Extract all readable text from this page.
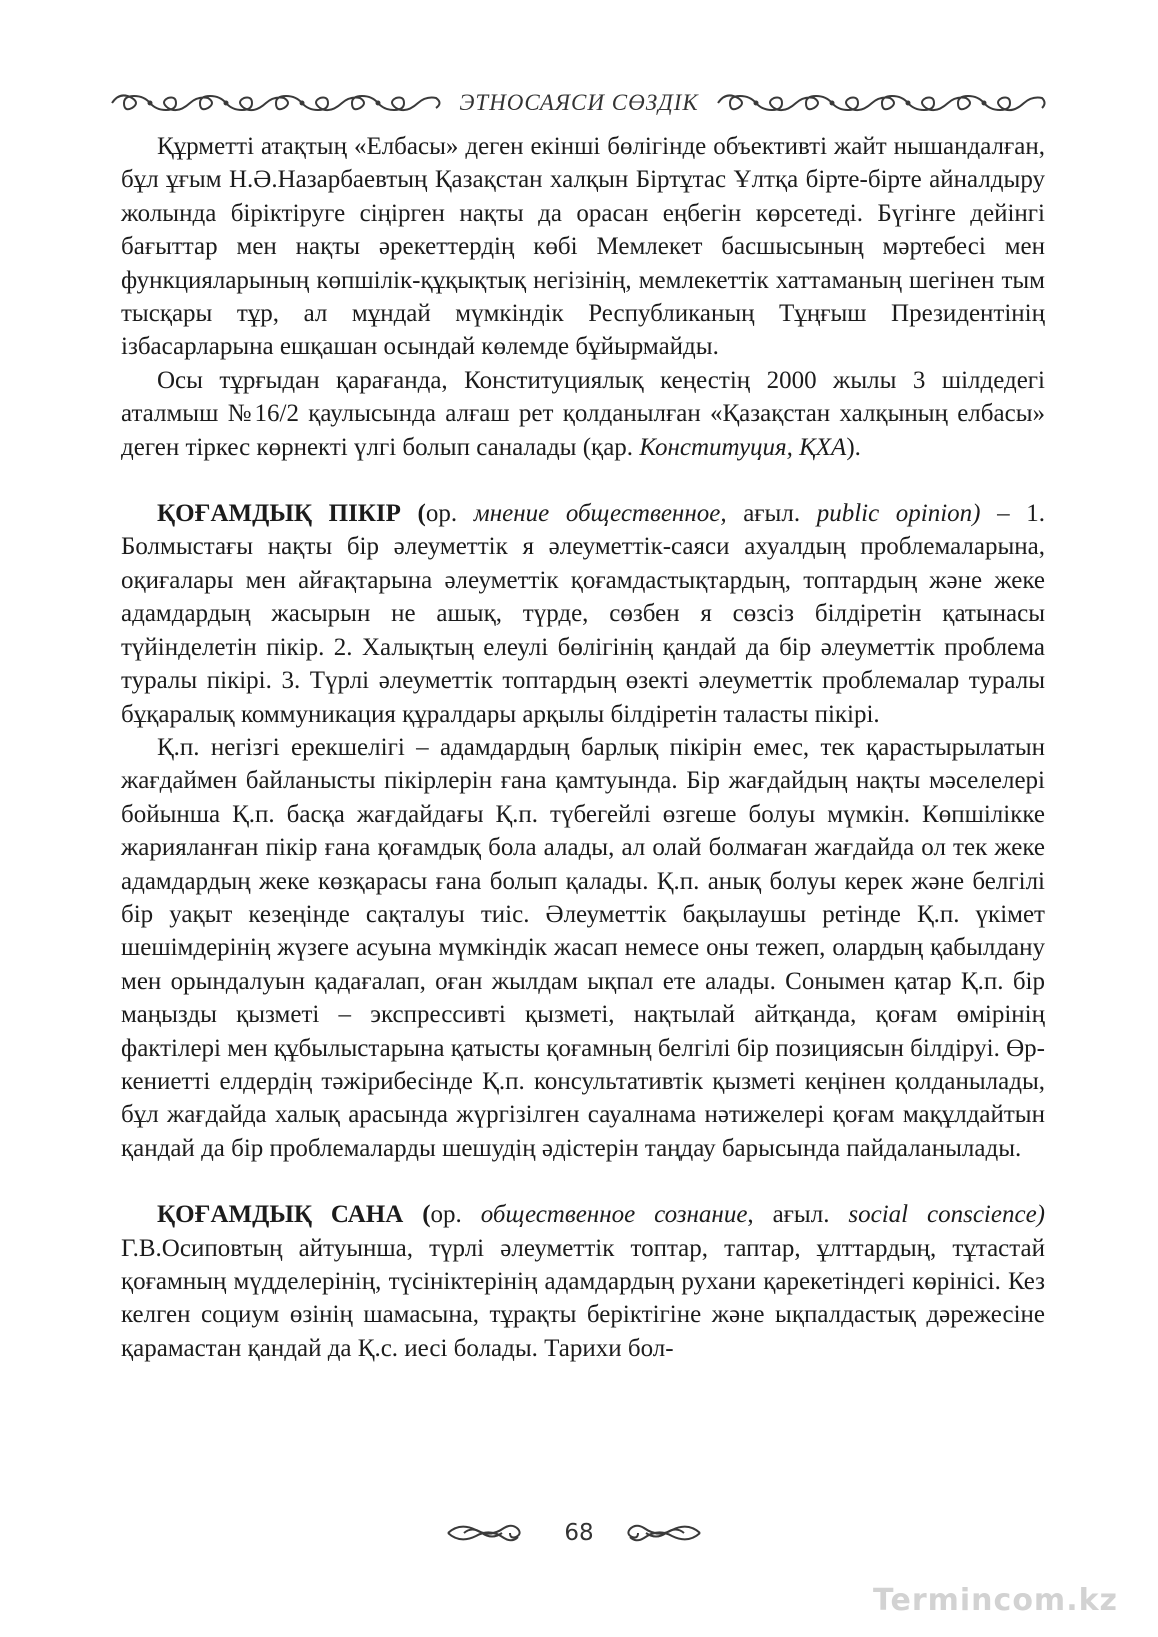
ЭТНОСАЯСИ СӨЗДІК

Құрметті атақтың «Елбасы» деген екінші бөлігінде объективті жайт нышандалған, бұл ұғым Н.Ә.Назарбаевтың Қазақстан халқын Біртұтас Ұлтқа бірте-бірте айналдыру жолында біріктіруге сіңірген нақты да орасан еңбегін көрсетеді. Бүгінге дейінгі бағыттар мен нақты әрекеттердің көбі Мемлекет басшысының мәртебесі мен функцияларының көпшілік-құқықтық негізінің, мемлекеттік хаттаманың шегінен тым тысқары тұр, ал мұндай мүмкіндік Республиканың Тұңғыш Президентінің ізбасарларына ешқашан осындай көлемде бұйырмайды.

Осы тұрғыдан қарағанда, Конституциялық кеңестің 2000 жылы 3 шілдедегі аталмыш №16/2 қаулысында алғаш рет қолданылған «Қазақстан халқының елбасы» деген тіркес көрнекті үлгі болып саналады (қар. Конституция, ҚХА).

ҚОҒАМДЫҚ ПІКІР (ор. мнение общественное, ағыл. public opinion) – 1. Болмыстағы нақты бір әлеуметтік я әлеуметтік-саяси ахуалдың проблемаларына, оқиғалары мен айғақтарына әлеуметтік қоғамдастықтардың, топтардың және жеке адамдардың жасырын не ашық, түрде, сөзбен я сөзсіз білдіретін қатынасы түйінделетін пікір. 2. Халықтың елеулі бөлігінің қандай да бір әлеуметтік проблема туралы пікірі. 3. Түрлі әлеуметтік топтардың өзекті әлеуметтік проблемалар туралы бұқаралық коммуникация құралдары арқылы білдіретін таласты пікірі.

Қ.п. негізгі ерекшелігі – адамдардың барлық пікірін емес, тек қарастырылатын жағдаймен байланысты пікірлерін ғана қамтуында. Бір жағдайдың нақты мәселелері бойынша Қ.п. басқа жағдайдағы Қ.п. түбегейлі өзгеше болуы мүмкін. Көпшілікке жарияланған пікір ғана қоғамдық бола алады, ал олай болмаған жағдайда ол тек жеке адамдардың жеке көзқарасы ғана болып қалады. Қ.п. анық болуы керек және белгілі бір уақыт кезеңінде сақталуы тиіс. Әлеуметтік бақылаушы ретінде Қ.п. үкімет шешімдерінің жүзеге асуына мүмкіндік жасап немесе оны тежеп, олардың қабылдану мен орындалуын қадағалап, оған жылдам ықпал ете алады. Сонымен қатар Қ.п. бір маңызды қызметі – экспрессивті қызметі, нақтылай айтқанда, қоғам өмірінің фактілері мен құбылыстарына қатысты қоғамның белгілі бір позициясын білдіруі. Өркениетті елдердің тәжірибесінде Қ.п. консультативтік қызметі кеңінен қолданылады, бұл жағдайда халық арасында жүргізілген сауалнама нәтижелері қоғам мақұлдайтын қандай да бір проблемаларды шешудің әдістерін таңдау барысында пайдаланылады.

ҚОҒАМДЫҚ САНА (ор. общественное сознание, ағыл. social conscience) Г.В.Осиповтың айтуынша, түрлі әлеуметтік топтар, таптар, ұлттардың, тұтастай қоғамның мүдделерінің, түсініктерінің адамдардың рухани қарекетіндегі көрінісі. Кез келген социум өзінің шамасына, тұрақты беріктігіне және ықпалдастық дәрежесіне қарамастан қандай да Қ.с. иесі болады. Тарихи бол-

68
Termincom.kz
